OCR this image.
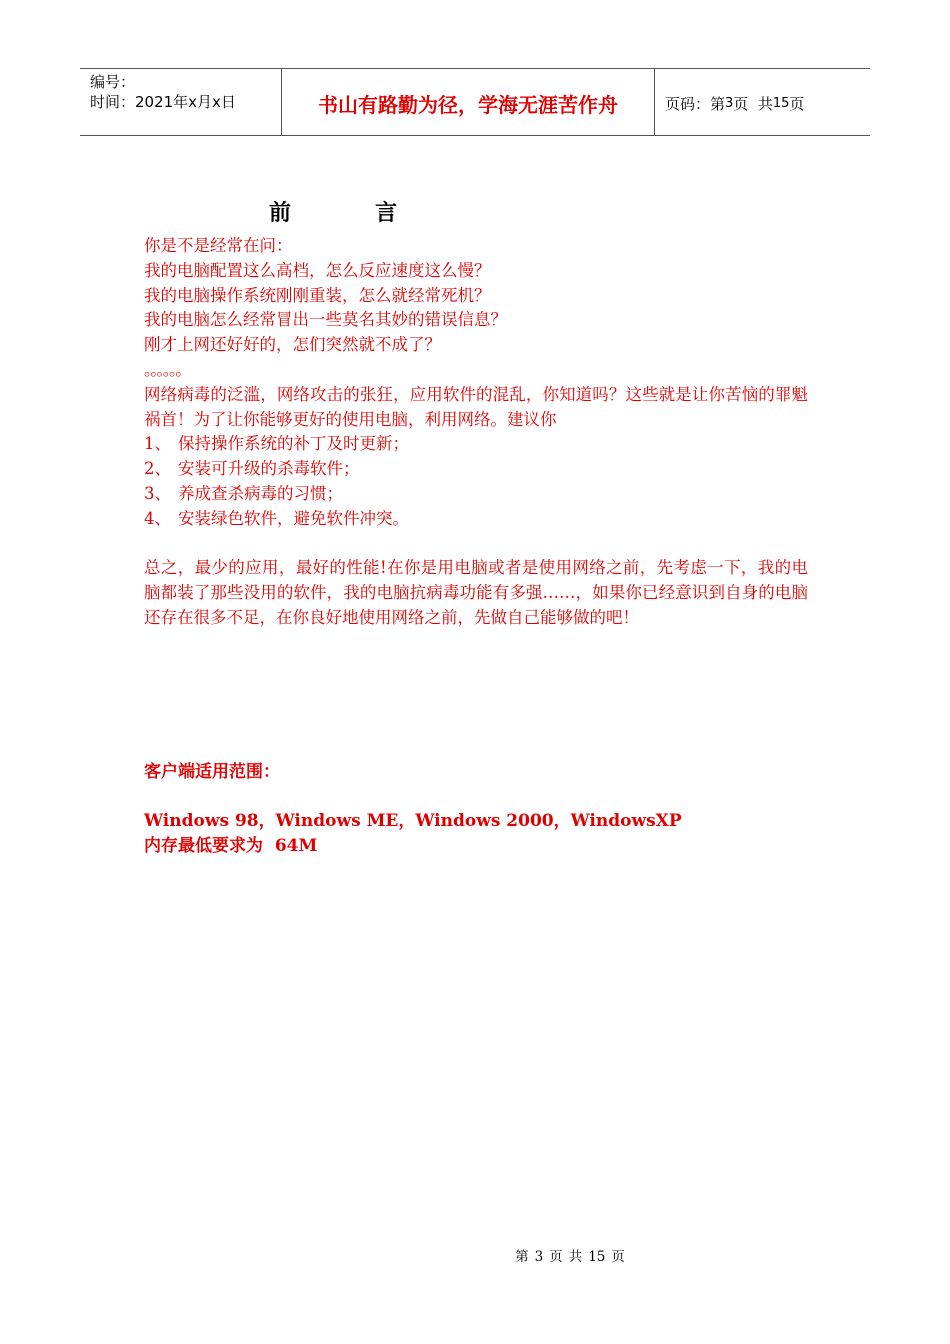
编号：
时间：2021年x月x日	书山有路勤为径，学海无涯苦作舟	页码：第 3 页  共 15 页
前	言

你是不是经常在问：

我的电脑配置这么高档，怎么反应速度这么慢？

我的电脑操作系统刚刚重装，怎么就经常死机？

我的电脑怎么经常冒出一些莫名其妙的错误信息？

刚才上网还好好的，怎们突然就不成了？

。。。。。。

网络病毒的泛滥，网络攻击的张狂，应用软件的混乱，你知道吗？这些就是让你苦恼的罪魁祸首！为了让你能够更好的使用电脑，利用网络。建议你

1、 保持操作系统的补丁及时更新；
2、 安装可升级的杀毒软件；
3、 养成查杀病毒的习惯；
4、 安装绿色软件，避免软件冲突。

总之，最少的应用，最好的性能!在你是用电脑或者是使用网络之前，先考虑一下，我的电脑都装了那些没用的软件，我的电脑抗病毒功能有多强……，如果你已经意识到自身的电脑还存在很多不足，在你良好地使用网络之前，先做自己能够做的吧！

客户端适用范围：

Windows 98，Windows ME，Windows 2000，WindowsXP

内存最低要求为  64M

第 3 页 共 15 页
